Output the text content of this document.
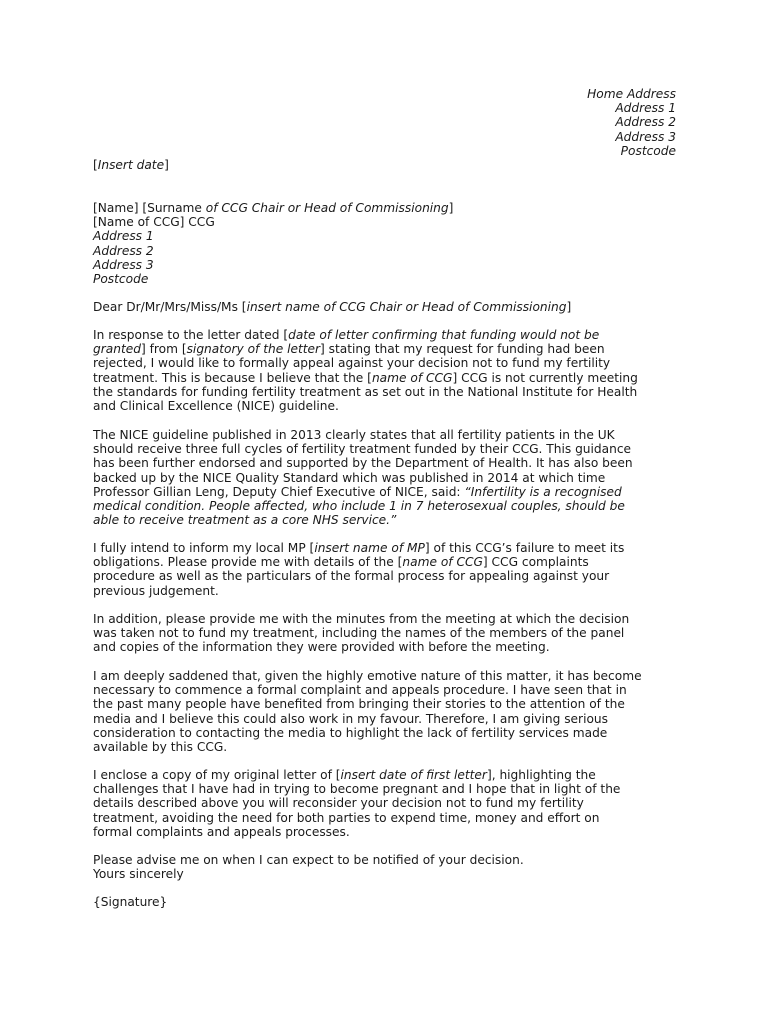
Home Address
Address 1
Address 2
Address 3
Postcode

[Insert date]

[Name] [Surname of CCG Chair or Head of Commissioning]
[Name of CCG] CCG
Address 1
Address 2
Address 3
Postcode

Dear Dr/Mr/Mrs/Miss/Ms [insert name of CCG Chair or Head of Commissioning]

In response to the letter dated [date of letter confirming that funding would not be
granted] from [signatory of the letter] stating that my request for funding had been
rejected, I would like to formally appeal against your decision not to fund my fertility
treatment. This is because I believe that the [name of CCG] CCG is not currently meeting
the standards for funding fertility treatment as set out in the National Institute for Health
and Clinical Excellence (NICE) guideline.
The NICE guideline published in 2013 clearly states that all fertility patients in the UK
should receive three full cycles of fertility treatment funded by their CCG. This guidance
has been further endorsed and supported by the Department of Health. It has also been
backed up by the NICE Quality Standard which was published in 2014 at which time
Professor Gillian Leng, Deputy Chief Executive of NICE, said: “Infertility is a recognised
medical condition. People affected, who include 1 in 7 heterosexual couples, should be
able to receive treatment as a core NHS service.”
I fully intend to inform my local MP [insert name of MP] of this CCG’s failure to meet its
obligations. Please provide me with details of the [name of CCG] CCG complaints
procedure as well as the particulars of the formal process for appealing against your
previous judgement.
In addition, please provide me with the minutes from the meeting at which the decision
was taken not to fund my treatment, including the names of the members of the panel
and copies of the information they were provided with before the meeting.
I am deeply saddened that, given the highly emotive nature of this matter, it has become
necessary to commence a formal complaint and appeals procedure. I have seen that in
the past many people have benefited from bringing their stories to the attention of the
media and I believe this could also work in my favour. Therefore, I am giving serious
consideration to contacting the media to highlight the lack of fertility services made
available by this CCG.
I enclose a copy of my original letter of [insert date of first letter], highlighting the
challenges that I have had in trying to become pregnant and I hope that in light of the
details described above you will reconsider your decision not to fund my fertility
treatment, avoiding the need for both parties to expend time, money and effort on
formal complaints and appeals processes.
Please advise me on when I can expect to be notified of your decision.
Yours sincerely

{Signature}
